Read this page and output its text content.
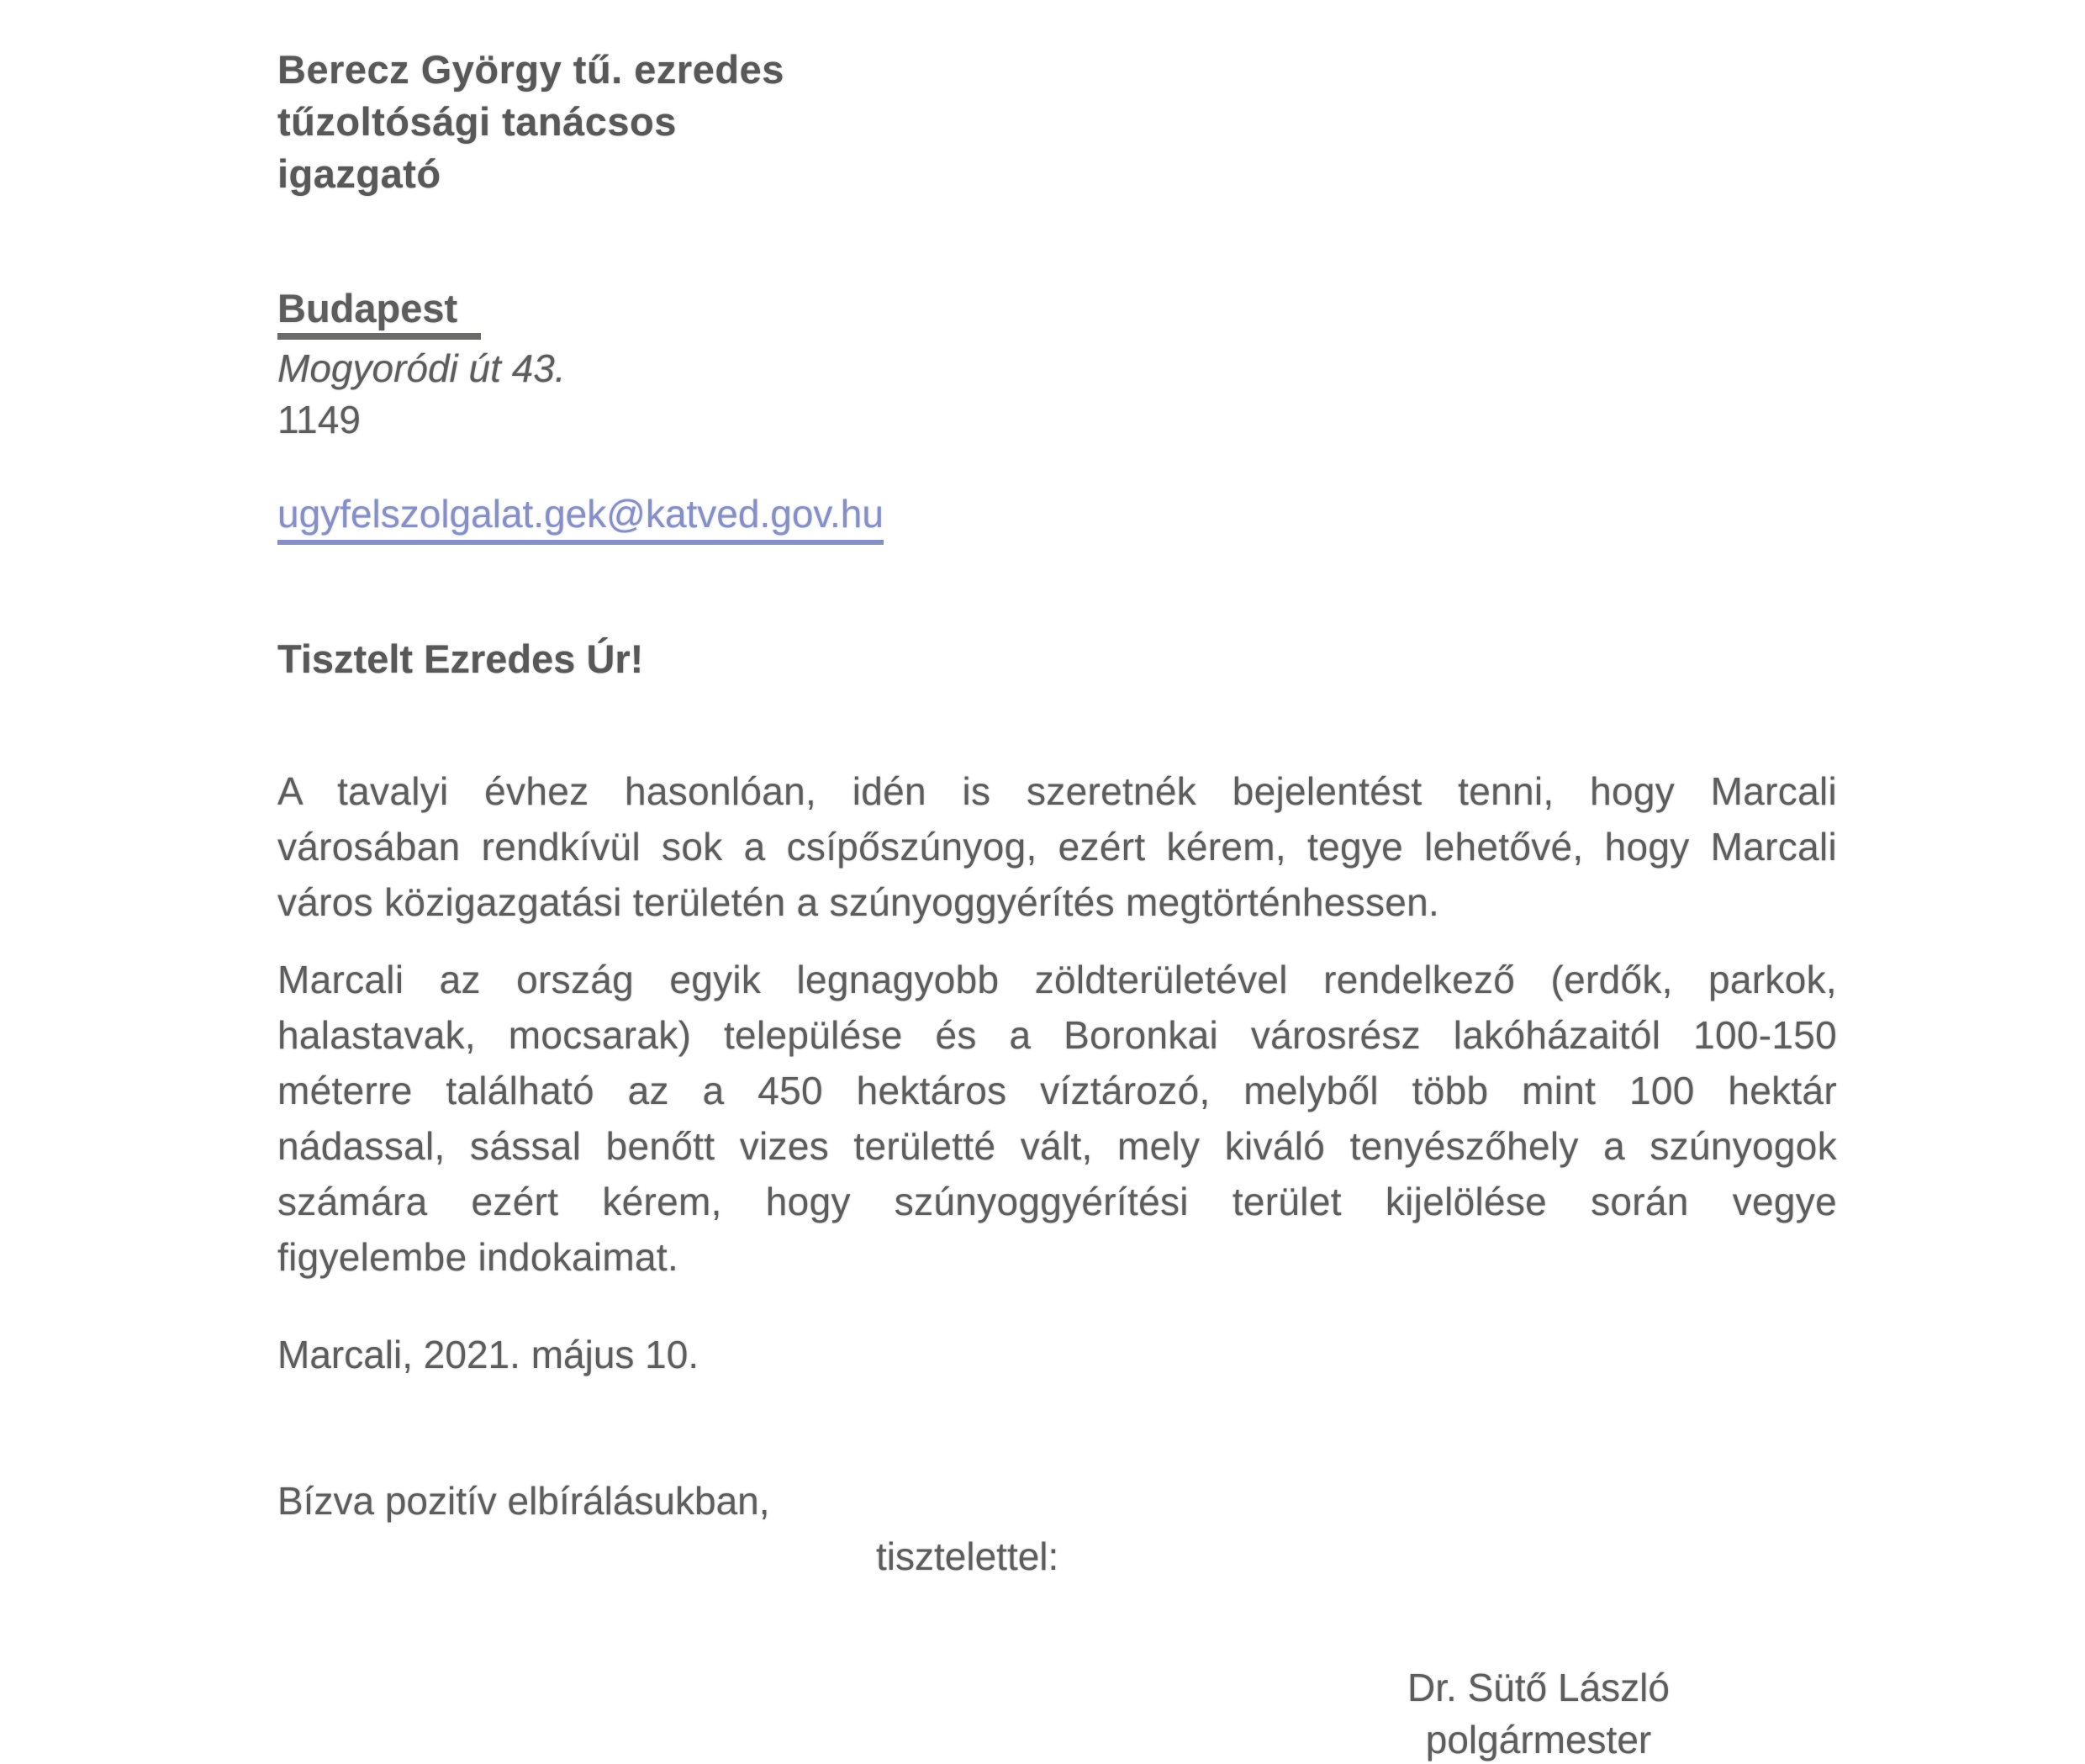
Berecz György tű. ezredes
tűzoltósági tanácsos
igazgató
Budapest
Mogyoródi út 43.
1149
ugyfelszolgalat.gek@katved.gov.hu
Tisztelt Ezredes Úr!
A tavalyi évhez hasonlóan, idén is szeretnék bejelentést tenni, hogy Marcali
városában rendkívül sok a csípőszúnyog, ezért kérem, tegye lehetővé, hogy Marcali
város közigazgatási területén a szúnyoggyérítés megtörténhessen.
Marcali az ország egyik legnagyobb zöldterületével rendelkező (erdők, parkok,
halastavak, mocsarak) települése és a Boronkai városrész lakóházaitól 100-150
méterre található az a 450 hektáros víztározó, melyből több mint 100 hektár
nádassal, sással benőtt vizes területté vált, mely kiváló tenyészőhely a szúnyogok
számára ezért kérem, hogy szúnyoggyérítési terület kijelölése során vegye
figyelembe indokaimat.
Marcali, 2021. május 10.
Bízva pozitív elbírálásukban,
tisztelettel:
Dr. Sütő László
polgármester
